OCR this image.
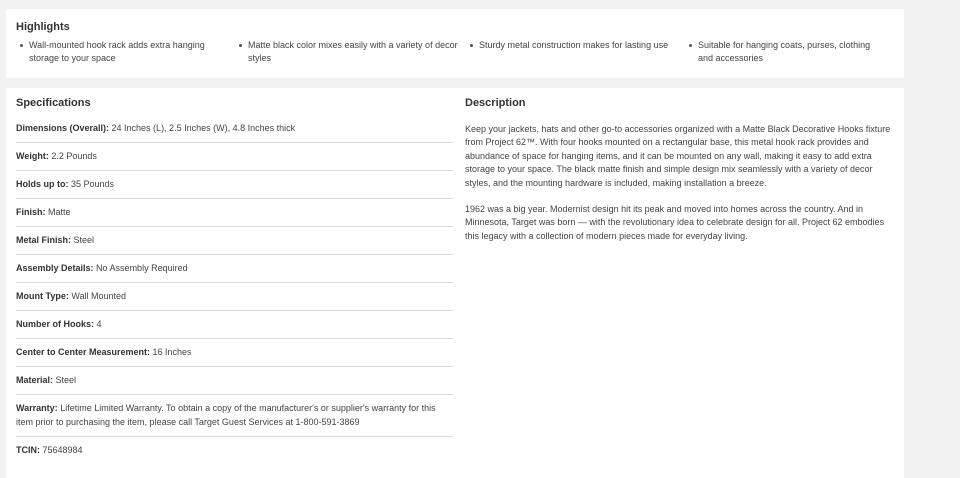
Highlights
Wall-mounted hook rack adds extra hanging storage to your space
Matte black color mixes easily with a variety of decor styles
Sturdy metal construction makes for lasting use	Suitable for hanging coats, purses, clothing and accessories
Specifications
Dimensions (Overall): 24 Inches (L), 2.5 Inches (W), 4.8 Inches thick
Weight: 2.2 Pounds
Holds up to: 35 Pounds
Finish: Matte
Metal Finish: Steel
Assembly Details: No Assembly Required
Mount Type: Wall Mounted
Number of Hooks: 4
Center to Center Measurement: 16 Inches
Material: Steel
Warranty: Lifetime Limited Warranty. To obtain a copy of the manufacturer's or supplier's warranty for this item prior to purchasing the item, please call Target Guest Services at 1-800-591-3869
TCIN: 75648984
Description

Keep your jackets, hats and other go-to accessories organized with a Matte Black Decorative Hooks fixture from Project 62™. With four hooks mounted on a rectangular base, this metal hook rack provides and abundance of space for hanging items, and it can be mounted on any wall, making it easy to add extra storage to your space. The black matte finish and simple design mix seamlessly with a variety of decor styles, and the mounting hardware is included, making installation a breeze.

1962 was a big year. Modernist design hit its peak and moved into homes across the country. And in Minnesota, Target was born — with the revolutionary idea to celebrate design for all. Project 62 embodies this legacy with a collection of modern pieces made for everyday living.
